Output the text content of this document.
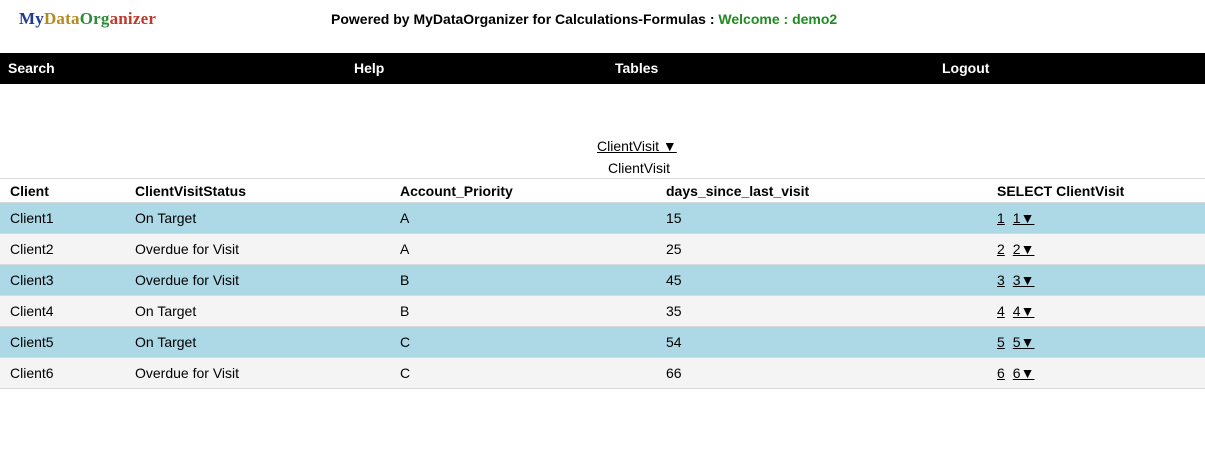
MyDataOrganizer	Powered by MyDataOrganizer for Calculations-Formulas : Welcome : demo2
Search	Help	Tables	Logout
ClientVisit ▼
ClientVisit
Client	ClientVisitStatus	Account_Priority	days_since_last_visit	SELECT ClientVisit
Client1	On Target	A	15	1 1▼
Client2	Overdue for Visit	A	25	2 2▼
Client3	Overdue for Visit	B	45	3 3▼
Client4	On Target	B	35	4 4▼
Client5	On Target	C	54	5 5▼
Client6	Overdue for Visit	C	66	6 6▼
